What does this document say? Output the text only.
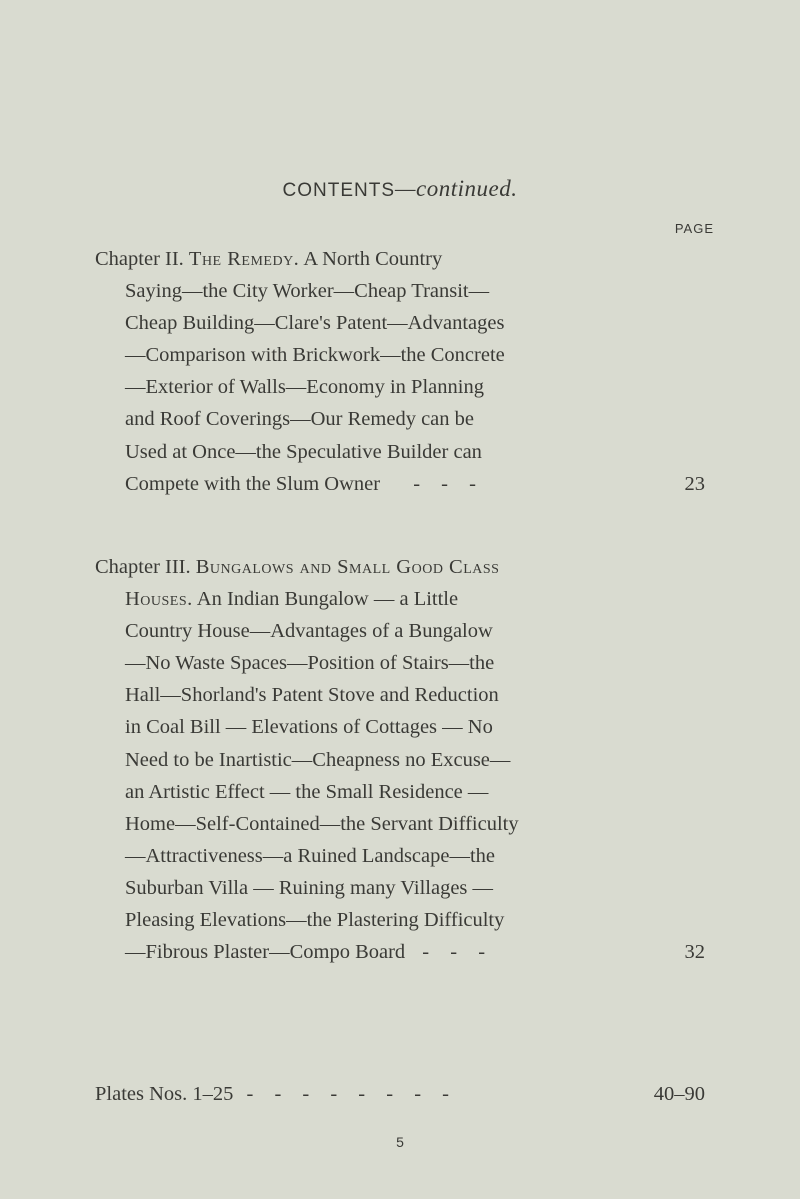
CONTENTS—continued.
PAGE
Chapter II. The Remedy. A North Country
Saying—the City Worker—Cheap Transit—
Cheap Building—Clare's Patent—Advantages
—Comparison with Brickwork—the Concrete
—Exterior of Walls—Economy in Planning
and Roof Coverings—Our Remedy can be
Used at Once—the Speculative Builder can
Compete with the Slum Owner - - -	23
Chapter III. Bungalows and Small Good Class
Houses. An Indian Bungalow — a Little
Country House—Advantages of a Bungalow
—No Waste Spaces—Position of Stairs—the
Hall—Shorland's Patent Stove and Reduction
in Coal Bill — Elevations of Cottages — No
Need to be Inartistic—Cheapness no Excuse—
an Artistic Effect — the Small Residence —
Home—Self-Contained—the Servant Difficulty
—Attractiveness—a Ruined Landscape—the
Suburban Villa — Ruining many Villages —
Pleasing Elevations—the Plastering Difficulty
—Fibrous Plaster—Compo Board - - -	32
Plates Nos. 1–25 - - - - - - - -	40–90
5
